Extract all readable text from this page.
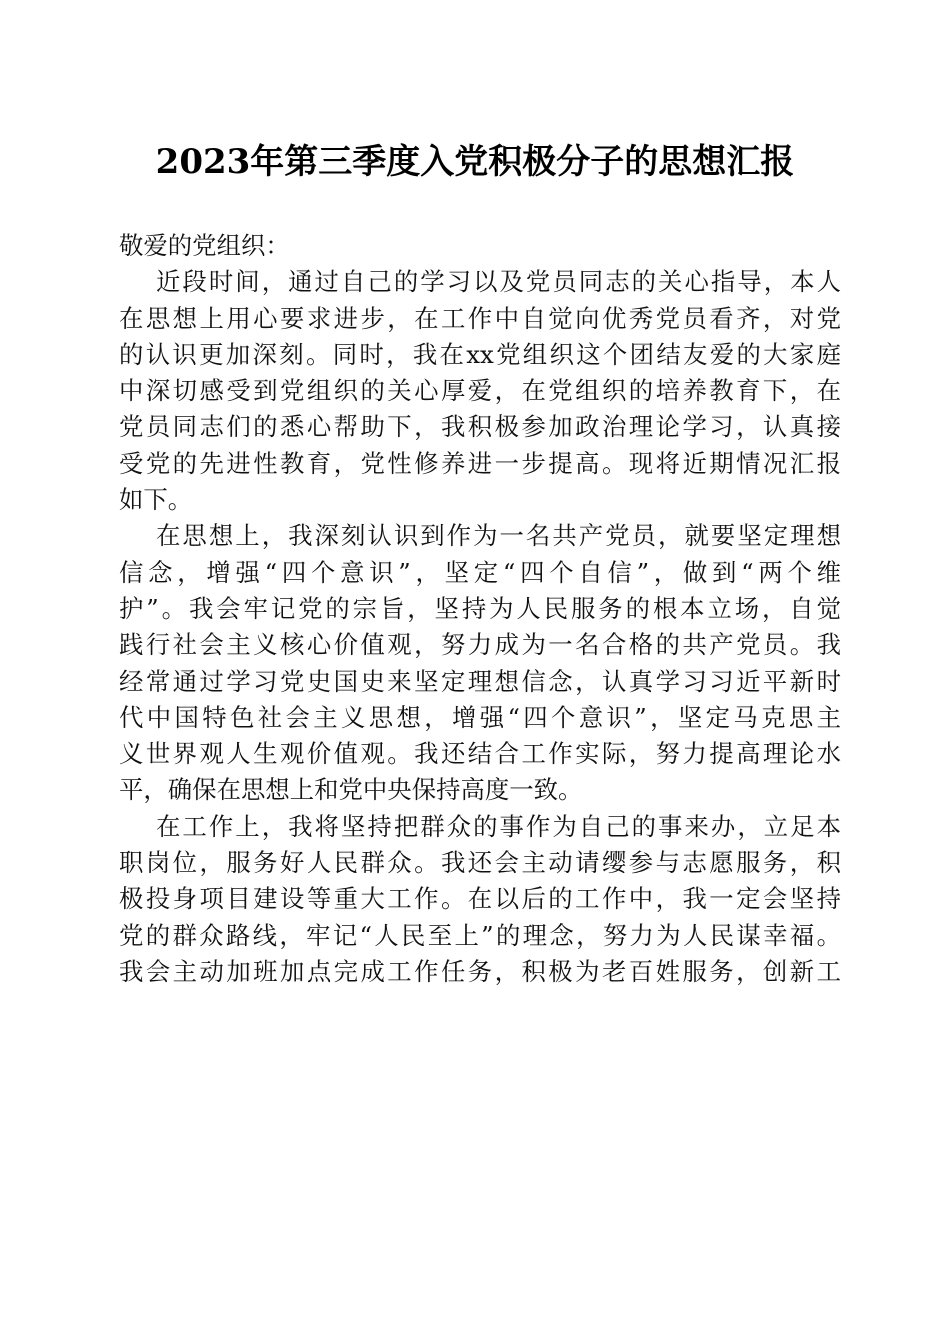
2023年第三季度入党积极分子的思想汇报

敬爱的党组织：

近段时间，通过自己的学习以及党员同志的关心指导，本人
在思想上用心要求进步，在工作中自觉向优秀党员看齐，对党
的认识更加深刻。同时，我在xx党组织这个团结友爱的大家庭
中深切感受到党组织的关心厚爱，在党组织的培养教育下，在
党员同志们的悉心帮助下，我积极参加政治理论学习，认真接
受党的先进性教育，党性修养进一步提高。现将近期情况汇报
如下。

在思想上，我深刻认识到作为一名共产党员，就要坚定理想
信念，增强“四个意识”，坚定“四个自信”，做到“两个维
护”。我会牢记党的宗旨，坚持为人民服务的根本立场，自觉
践行社会主义核心价值观，努力成为一名合格的共产党员。我
经常通过学习党史国史来坚定理想信念，认真学习习近平新时
代中国特色社会主义思想，增强“四个意识”，坚定马克思主
义世界观人生观价值观。我还结合工作实际，努力提高理论水
平，确保在思想上和党中央保持高度一致。

在工作上，我将坚持把群众的事作为自己的事来办，立足本
职岗位，服务好人民群众。我还会主动请缨参与志愿服务，积
极投身项目建设等重大工作。在以后的工作中，我一定会坚持
党的群众路线，牢记“人民至上”的理念，努力为人民谋幸福。
我会主动加班加点完成工作任务，积极为老百姓服务，创新工
